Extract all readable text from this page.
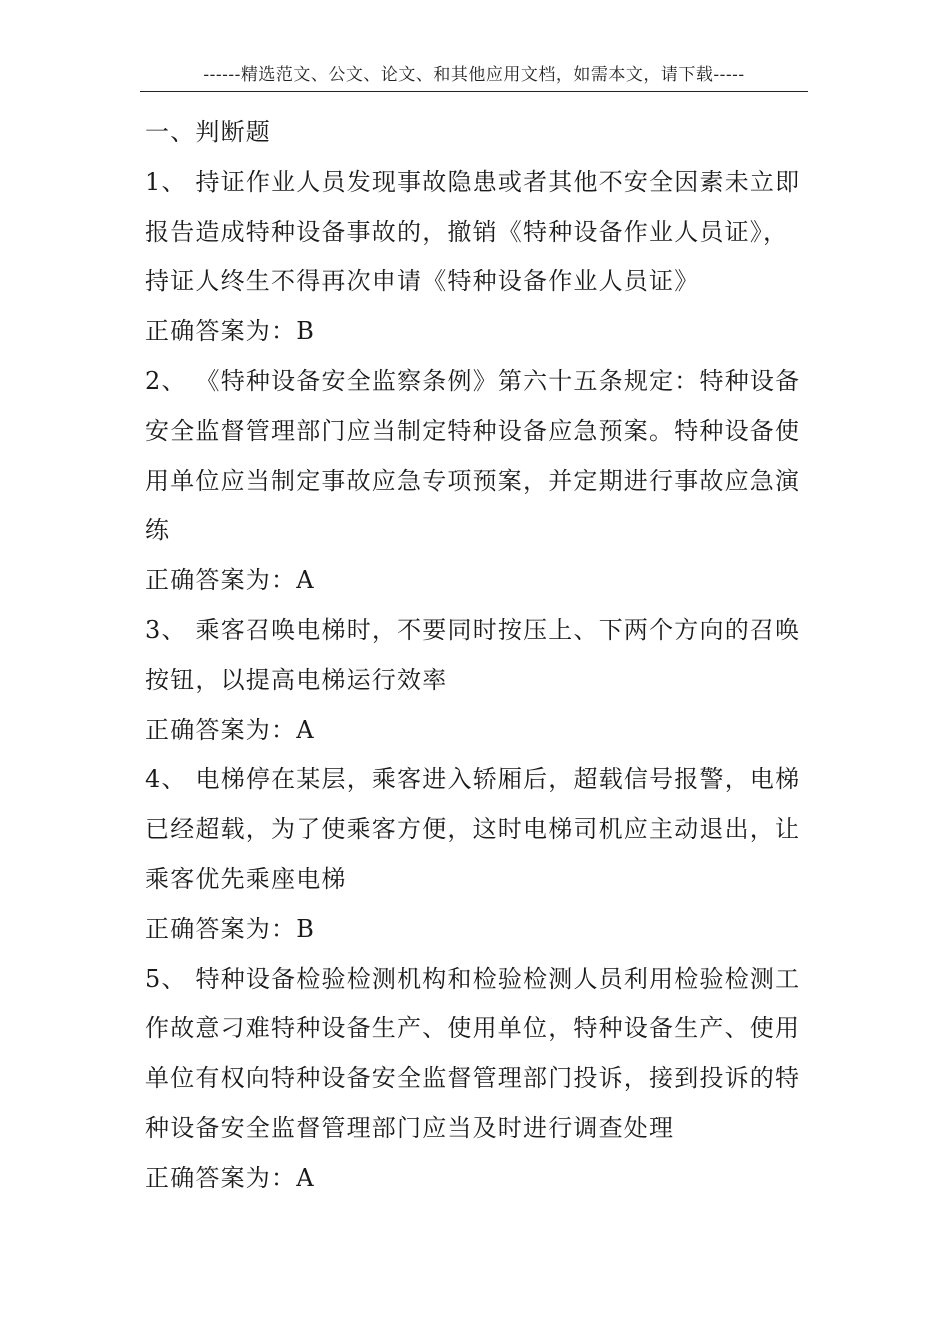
------精选范文、公文、论文、和其他应用文档，如需本文，请下载-----
一、判断题
1、 持证作业人员发现事故隐患或者其他不安全因素未立即
报告造成特种设备事故的，撤销《特种设备作业人员证》，
持证人终生不得再次申请《特种设备作业人员证》
正确答案为：B
2、 《特种设备安全监察条例》第六十五条规定：特种设备
安全监督管理部门应当制定特种设备应急预案。特种设备使
用单位应当制定事故应急专项预案，并定期进行事故应急演
练
正确答案为：A
3、 乘客召唤电梯时，不要同时按压上、下两个方向的召唤
按钮，以提高电梯运行效率
正确答案为：A
4、 电梯停在某层，乘客进入轿厢后，超载信号报警，电梯
已经超载，为了使乘客方便，这时电梯司机应主动退出，让
乘客优先乘座电梯
正确答案为：B
5、 特种设备检验检测机构和检验检测人员利用检验检测工
作故意刁难特种设备生产、使用单位，特种设备生产、使用
单位有权向特种设备安全监督管理部门投诉，接到投诉的特
种设备安全监督管理部门应当及时进行调查处理
正确答案为：A
